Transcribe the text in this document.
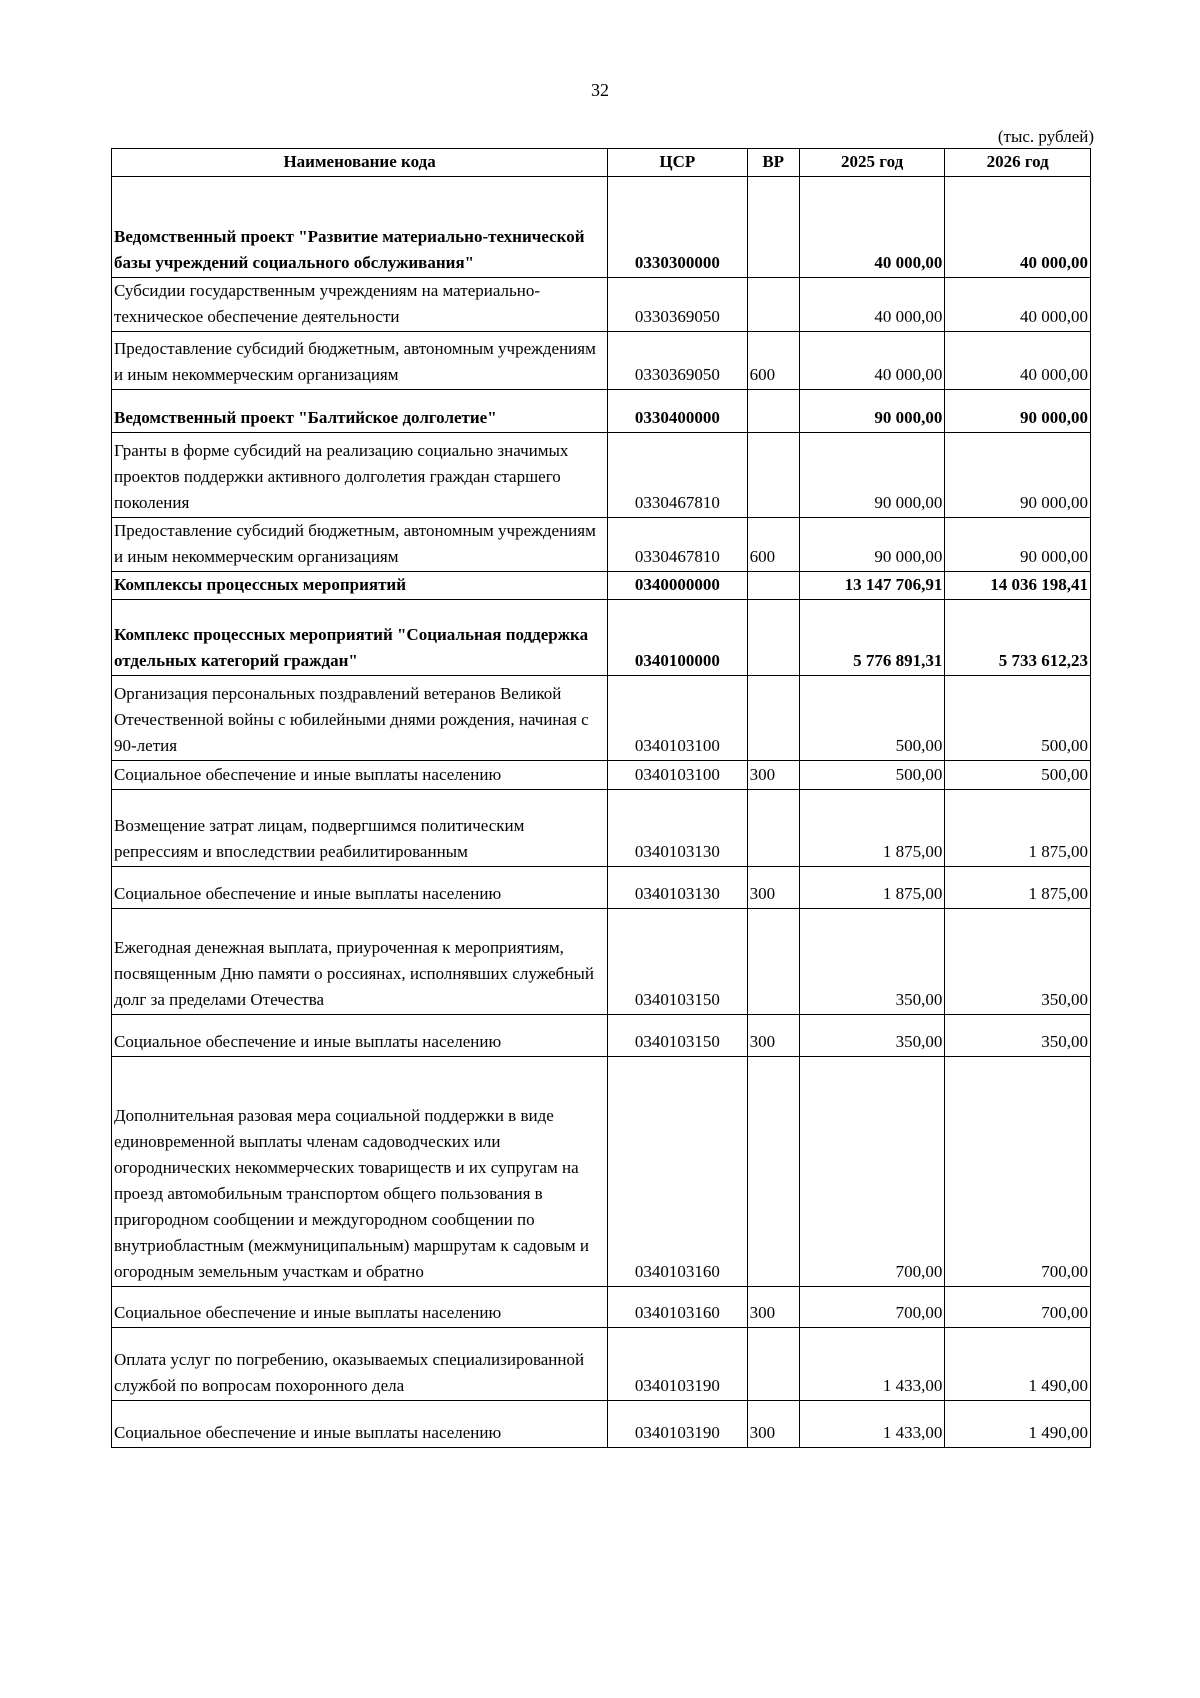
32
(тыс. рублей)
Наименование кода	ЦСР	ВР	2025 год	2026 год
Ведомственный проект "Развитие материально-технической базы учреждений социального обслуживания"	0330300000		40 000,00	40 000,00
Субсидии государственным учреждениям на материально-техническое обеспечение деятельности	0330369050		40 000,00	40 000,00
Предоставление субсидий бюджетным, автономным учреждениям и иным некоммерческим организациям	0330369050	600	40 000,00	40 000,00
Ведомственный проект "Балтийское долголетие"	0330400000		90 000,00	90 000,00
Гранты в форме субсидий на реализацию социально значимых проектов поддержки активного долголетия граждан старшего поколения	0330467810		90 000,00	90 000,00
Предоставление субсидий бюджетным, автономным учреждениям и иным некоммерческим организациям	0330467810	600	90 000,00	90 000,00
Комплексы процессных мероприятий	0340000000		13 147 706,91	14 036 198,41
Комплекс процессных мероприятий "Социальная поддержка отдельных категорий граждан"	0340100000		5 776 891,31	5 733 612,23
Организация персональных поздравлений ветеранов Великой Отечественной войны с юбилейными днями рождения, начиная с 90-летия	0340103100		500,00	500,00
Социальное обеспечение и иные выплаты населению	0340103100	300	500,00	500,00
Возмещение затрат лицам, подвергшимся политическим репрессиям и впоследствии реабилитированным	0340103130		1 875,00	1 875,00
Социальное обеспечение и иные выплаты населению	0340103130	300	1 875,00	1 875,00
Ежегодная денежная выплата, приуроченная к мероприятиям, посвященным Дню памяти о россиянах, исполнявших служебный долг за пределами Отечества	0340103150		350,00	350,00
Социальное обеспечение и иные выплаты населению	0340103150	300	350,00	350,00
Дополнительная разовая мера социальной поддержки в виде единовременной выплаты членам садоводческих или огороднических некоммерческих товариществ и их супругам на проезд автомобильным транспортом общего пользования в пригородном сообщении и междугородном сообщении по внутриобластным (межмуниципальным) маршрутам к садовым и огородным земельным участкам и обратно	0340103160		700,00	700,00
Социальное обеспечение и иные выплаты населению	0340103160	300	700,00	700,00
Оплата услуг по погребению, оказываемых специализированной службой по вопросам похоронного дела	0340103190		1 433,00	1 490,00
Социальное обеспечение и иные выплаты населению	0340103190	300	1 433,00	1 490,00
